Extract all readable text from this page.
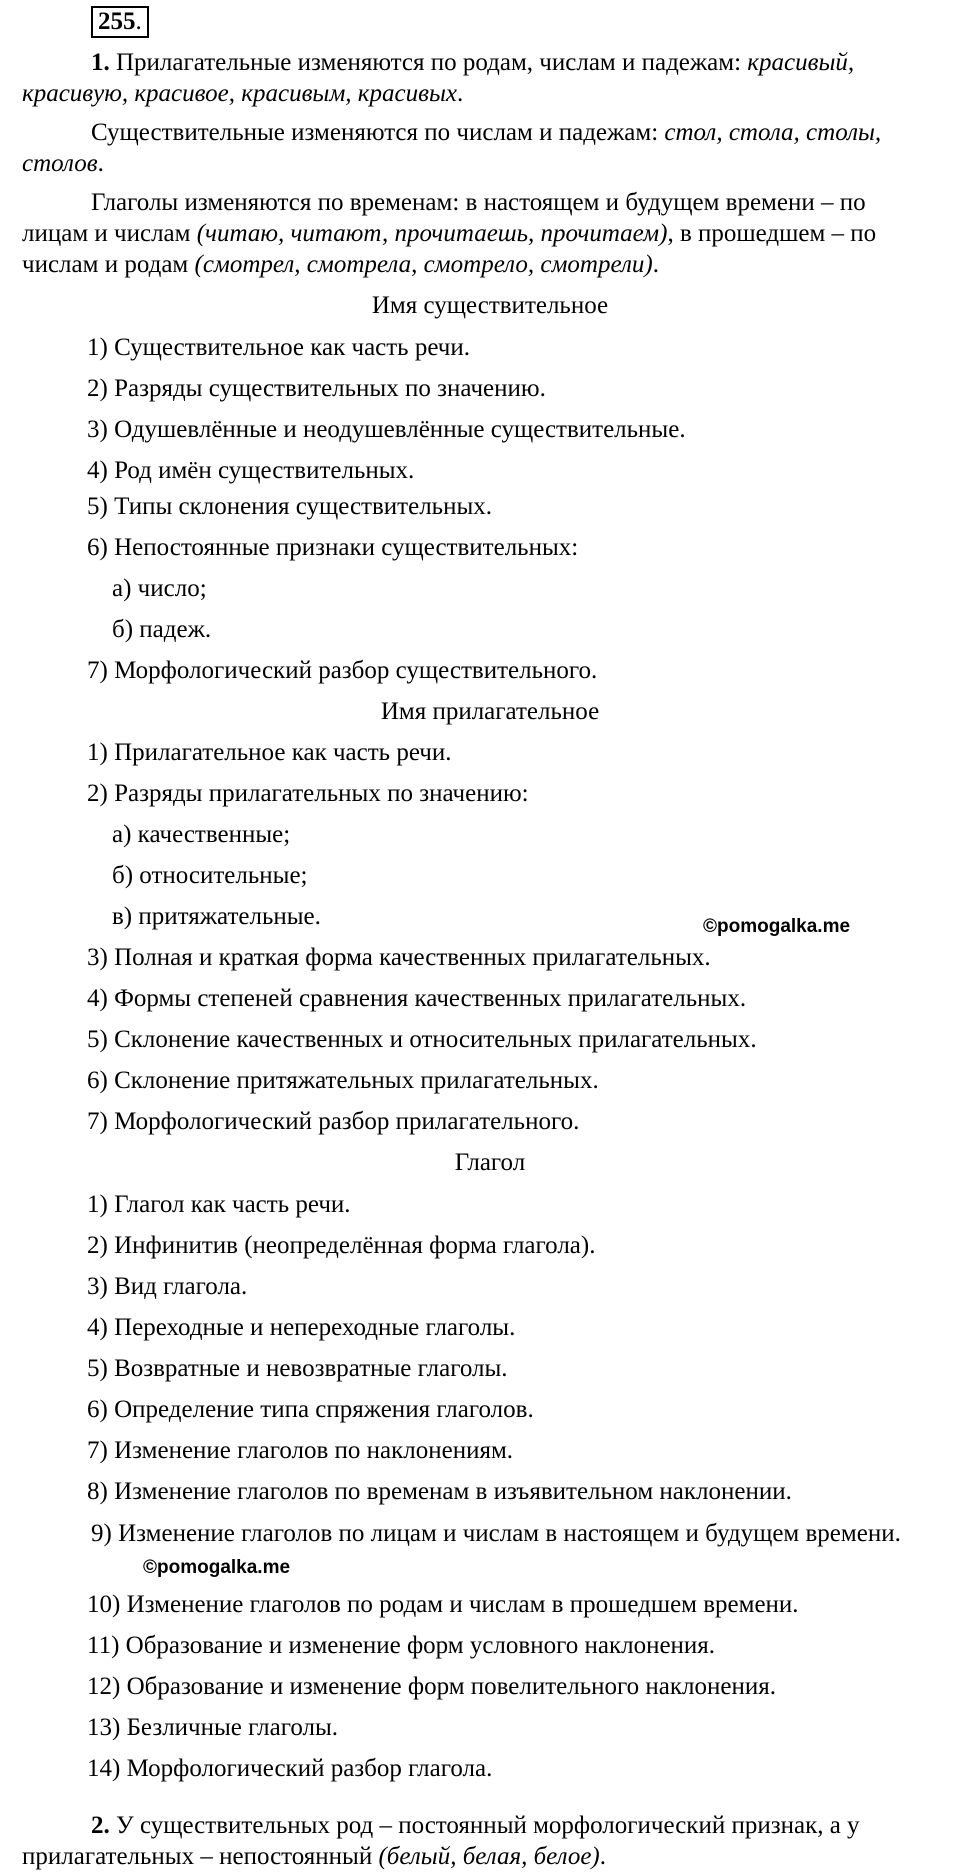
255.
1. Прилагательные изменяются по родам, числам и падежам: красивый, красивую, красивое, красивым, красивых.
Существительные изменяются по числам и падежам: стол, стола, столы, столов.
Глаголы изменяются по временам: в настоящем и будущем времени – по лицам и числам (читаю, читают, прочитаешь, прочитаем), в прошедшем – по числам и родам (смотрел, смотрела, смотрело, смотрели).
Имя существительное
1) Существительное как часть речи.
2) Разряды существительных по значению.
3) Одушевлённые и неодушевлённые существительные.
4) Род имён существительных.
5) Типы склонения существительных.
6) Непостоянные признаки существительных:
а) число;
б) падеж.
7) Морфологический разбор существительного.
Имя прилагательное
1) Прилагательное как часть речи.
2) Разряды прилагательных по значению:
а) качественные;
б) относительные;
в) притяжательные.	©pomogalka.me
3) Полная и краткая форма качественных прилагательных.
4) Формы степеней сравнения качественных прилагательных.
5) Склонение качественных и относительных прилагательных.
6) Склонение притяжательных прилагательных.
7) Морфологический разбор прилагательного.
Глагол
1) Глагол как часть речи.
2) Инфинитив (неопределённая форма глагола).
3) Вид глагола.
4) Переходные и непереходные глаголы.
5) Возвратные и невозвратные глаголы.
6) Определение типа спряжения глаголов.
7) Изменение глаголов по наклонениям.
8) Изменение глаголов по временам в изъявительном наклонении.
9) Изменение глаголов по лицам и числам в настоящем и будущем времени.
©pomogalka.me
10) Изменение глаголов по родам и числам в прошедшем времени.
11) Образование и изменение форм условного наклонения.
12) Образование и изменение форм повелительного наклонения.
13) Безличные глаголы.
14) Морфологический разбор глагола.
2. У существительных род – постоянный морфологический признак, а у прилагательных – непостоянный (белый, белая, белое).
